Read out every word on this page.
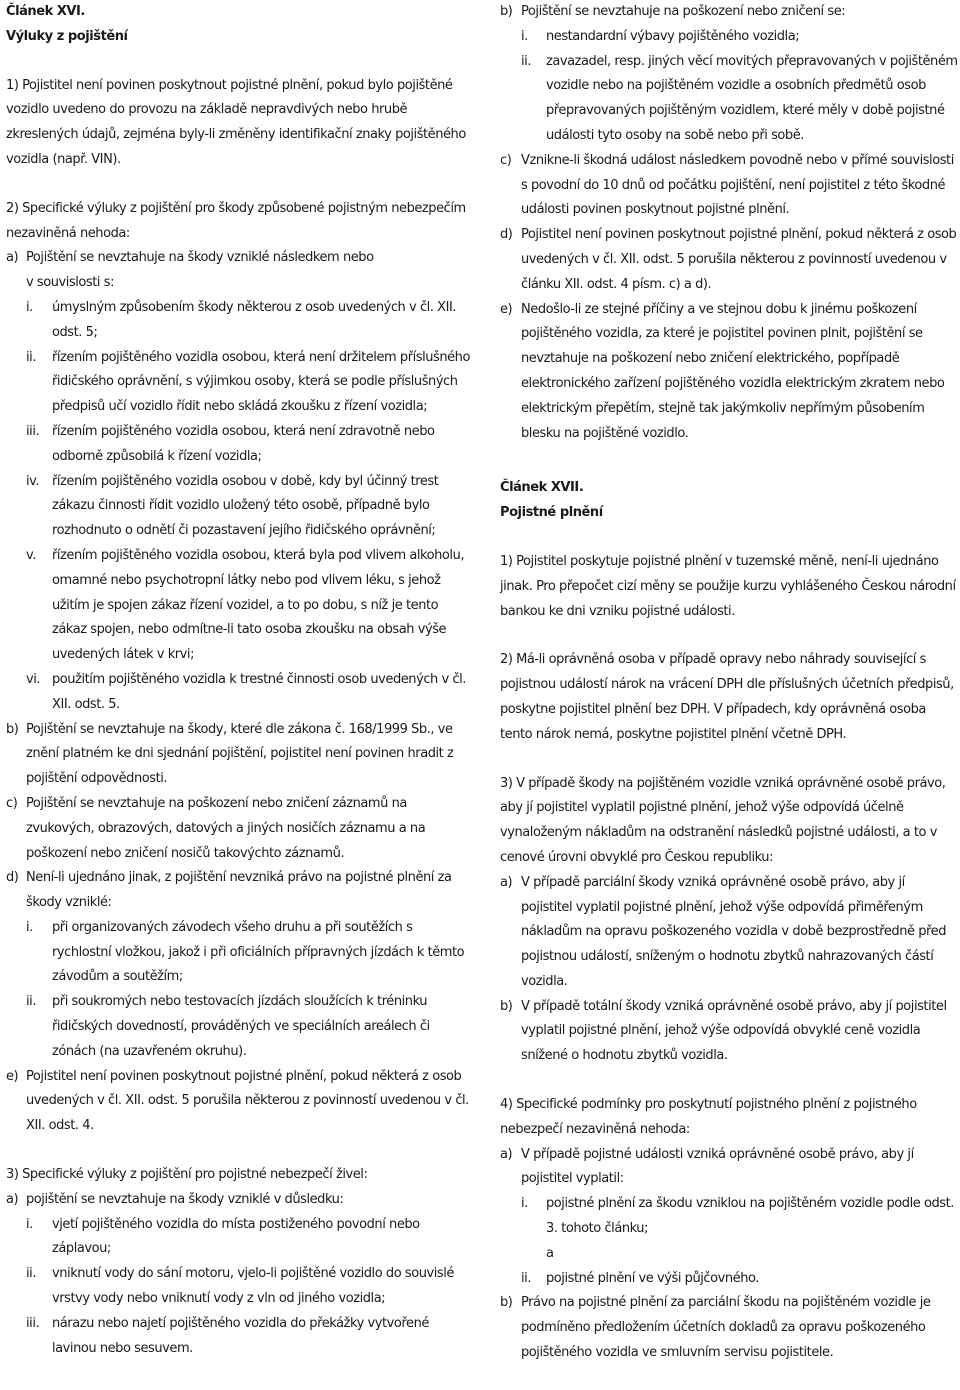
Článek XVI.
Výluky z pojištění
1) Pojistitel není povinen poskytnout pojistné plnění, pokud bylo pojištěné vozidlo uvedeno do provozu na základě nepravdivých nebo hrubě zkreslených údajů, zejména byly-li změněny identifikační znaky pojištěného vozidla (např. VIN).
2) Specifické výluky z pojištění pro škody způsobené pojistným nebezpečím nezaviněná nehoda:
a) Pojištění se nevztahuje na škody vzniklé následkem nebo
v souvislosti s:
i.	úmyslným způsobením škody některou z osob uvedených v čl. XII. odst. 5;
ii.	řízením pojištěného vozidla osobou, která není držitelem příslušného řidičského oprávnění, s výjimkou osoby, která se podle příslušných předpisů učí vozidlo řídit nebo skládá zkoušku z řízení vozidla;
iii. řízením pojištěného vozidla osobou, která není zdravotně nebo odborně způsobilá k řízení vozidla;
iv. řízením pojištěného vozidla osobou v době, kdy byl účinný trest zákazu činnosti řídit vozidlo uložený této osobě, případně bylo rozhodnuto o odnětí či pozastavení jejího řidičského oprávnění;
v.	řízením pojištěného vozidla osobou, která byla pod vlivem alkoholu, omamné nebo psychotropní látky nebo pod vlivem léku, s jehož užitím je spojen zákaz řízení vozidel, a to po dobu, s níž je tento zákaz spojen, nebo odmítne-li tato osoba zkoušku na obsah výše uvedených látek v krvi;
vi. použitím pojištěného vozidla k trestné činnosti osob uvedených v čl. XII. odst. 5.
b) Pojištění se nevztahuje na škody, které dle zákona č. 168/1999 Sb., ve znění platném ke dni sjednání pojištění, pojistitel není povinen hradit z pojištění odpovědnosti.
c) Pojištění se nevztahuje na poškození nebo zničení záznamů na zvukových, obrazových, datových a jiných nosičích záznamu a na poškození nebo zničení nosičů takovýchto záznamů.
d) Není-li ujednáno jinak, z pojištění nevzniká právo na pojistné plnění za škody vzniklé:
i.	při organizovaných závodech všeho druhu a při soutěžích s rychlostní vložkou, jakož i při oficiálních přípravných jízdách k těmto závodům a soutěžím;
ii.	při soukromých nebo testovacích jízdách sloužících k tréninku řidičských dovedností, prováděných ve speciálních areálech či zónách (na uzavřeném okruhu).
e) Pojistitel není povinen poskytnout pojistné plnění, pokud některá z osob uvedených v čl. XII. odst. 5 porušila některou z povinností uvedenou v čl. XII. odst. 4.
3) Specifické výluky z pojištění pro pojistné nebezpečí živel:
a) pojištění se nevztahuje na škody vzniklé v důsledku:
i.	vjetí pojištěného vozidla do místa postiženého povodní nebo záplavou;
ii.	vniknutí vody do sání motoru, vjelo-li pojištěné vozidlo do souvislé vrstvy vody nebo vniknutí vody z vln od jiného vozidla;
iii. nárazu nebo najetí pojištěného vozidla do překážky vytvořené lavinou nebo sesuvem.
b) Pojištění se nevztahuje na poškození nebo zničení se:
i.	nestandardní výbavy pojištěného vozidla;
ii.	zavazadel, resp. jiných věcí movitých přepravovaných v pojištěném vozidle nebo na pojištěném vozidle a osobních předmětů osob přepravovaných pojištěným vozidlem, které měly v době pojistné události tyto osoby na sobě nebo při sobě.
c) Vznikne-li škodná událost následkem povodně nebo v přímé souvislosti s povodní do 10 dnů od počátku pojištění, není pojistitel z této škodné události povinen poskytnout pojistné plnění.
d) Pojistitel není povinen poskytnout pojistné plnění, pokud některá z osob uvedených v čl. XII. odst. 5 porušila některou z povinností uvedenou v článku XII. odst. 4 písm. c) a d).
e) Nedošlo-li ze stejné příčiny a ve stejnou dobu k jinému poškození pojištěného vozidla, za které je pojistitel povinen plnit, pojištění se nevztahuje na poškození nebo zničení elektrického, popřípadě elektronického zařízení pojištěného vozidla elektrickým zkratem nebo elektrickým přepětím, stejně tak jakýmkoliv nepřímým působením blesku na pojištěné vozidlo.
Článek XVII.
Pojistné plnění
1) Pojistitel poskytuje pojistné plnění v tuzemské měně, není-li ujednáno jinak. Pro přepočet cizí měny se použije kurzu vyhlášeného Českou národní bankou ke dni vzniku pojistné události.
2) Má-li oprávněná osoba v případě opravy nebo náhrady související s pojistnou událostí nárok na vrácení DPH dle příslušných účetních předpisů, poskytne pojistitel plnění bez DPH. V případech, kdy oprávněná osoba tento nárok nemá, poskytne pojistitel plnění včetně DPH.
3) V případě škody na pojištěném vozidle vzniká oprávněné osobě právo, aby jí pojistitel vyplatil pojistné plnění, jehož výše odpovídá účelně vynaloženým nákladům na odstranění následků pojistné události, a to v cenové úrovni obvyklé pro Českou republiku:
a) V případě parciální škody vzniká oprávněné osobě právo, aby jí pojistitel vyplatil pojistné plnění, jehož výše odpovídá přiměřeným nákladům na opravu poškozeného vozidla v době bezprostředně před pojistnou událostí, sníženým o hodnotu zbytků nahrazovaných částí vozidla.
b) V případě totální škody vzniká oprávněné osobě právo, aby jí pojistitel vyplatil pojistné plnění, jehož výše odpovídá obvyklé ceně vozidla snížené o hodnotu zbytků vozidla.
4) Specifické podmínky pro poskytnutí pojistného plnění z pojistného nebezpečí nezaviněná nehoda:
a) V případě pojistné události vzniká oprávněné osobě právo, aby jí pojistitel vyplatil:
i.	pojistné plnění za škodu vzniklou na pojištěném vozidle podle odst. 3. tohoto článku;
a
ii.	pojistné plnění ve výši půjčovného.
b) Právo na pojistné plnění za parciální škodu na pojištěném vozidle je podmíněno předložením účetních dokladů za opravu poškozeného pojištěného vozidla ve smluvním servisu pojistitele.
